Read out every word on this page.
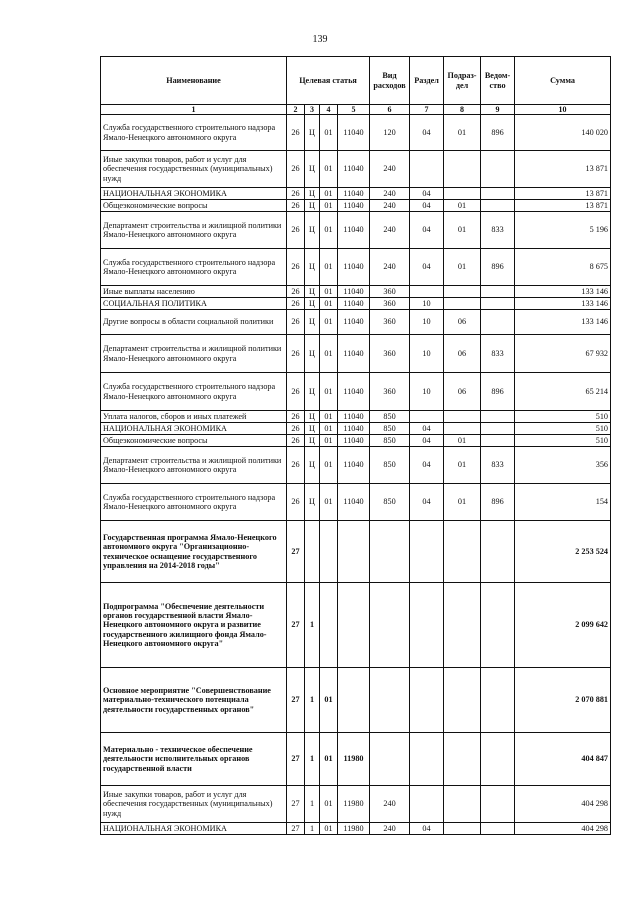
139
Наименование	Целевая статья				Вид расходов	Раздел	Подраз-дел	Ведом-ство	Сумма
1	2	3	4	5	6	7	8	9	10
Служба государственного строительного надзора Ямало-Ненецкого автономного округа	26	Ц	01	11040	120	04	01	896	140 020
Иные закупки товаров, работ и услуг для обеспечения государственных (муниципальных) нужд	26	Ц	01	11040	240				13 871
НАЦИОНАЛЬНАЯ ЭКОНОМИКА	26	Ц	01	11040	240	04			13 871
Общеэкономические вопросы	26	Ц	01	11040	240	04	01		13 871
Департамент строительства и жилищной политики Ямало-Ненецкого автономного округа	26	Ц	01	11040	240	04	01	833	5 196
Служба государственного строительного надзора Ямало-Ненецкого автономного округа	26	Ц	01	11040	240	04	01	896	8 675
Иные выплаты населению	26	Ц	01	11040	360				133 146
СОЦИАЛЬНАЯ ПОЛИТИКА	26	Ц	01	11040	360	10			133 146
Другие вопросы в области социальной политики	26	Ц	01	11040	360	10	06		133 146
Департамент строительства и жилищной политики Ямало-Ненецкого автономного округа	26	Ц	01	11040	360	10	06	833	67 932
Служба государственного строительного надзора Ямало-Ненецкого автономного округа	26	Ц	01	11040	360	10	06	896	65 214
Уплата налогов, сборов и иных платежей	26	Ц	01	11040	850				510
НАЦИОНАЛЬНАЯ ЭКОНОМИКА	26	Ц	01	11040	850	04			510
Общеэкономические вопросы	26	Ц	01	11040	850	04	01		510
Департамент строительства и жилищной политики Ямало-Ненецкого автономного округа	26	Ц	01	11040	850	04	01	833	356
Служба государственного строительного надзора Ямало-Ненецкого автономного округа	26	Ц	01	11040	850	04	01	896	154
Государственная программа Ямало-Ненецкого автономного округа "Организационно-техническое оснащение государственного управления на 2014-2018 годы"	27								2 253 524
Подпрограмма "Обеспечение деятельности органов государственной власти Ямало-Ненецкого автономного округа и развитие государственного жилищного фонда Ямало-Ненецкого автономного округа"	27	1							2 099 642
Основное мероприятие "Совершенствование материально-технического потенциала деятельности государственных органов"	27	1	01						2 070 881
Материально - техническое обеспечение деятельности исполнительных органов государственной власти	27	1	01	11980					404 847
Иные закупки товаров, работ и услуг для обеспечения государственных (муниципальных) нужд	27	1	01	11980	240				404 298
НАЦИОНАЛЬНАЯ ЭКОНОМИКА	27	1	01	11980	240	04			404 298
